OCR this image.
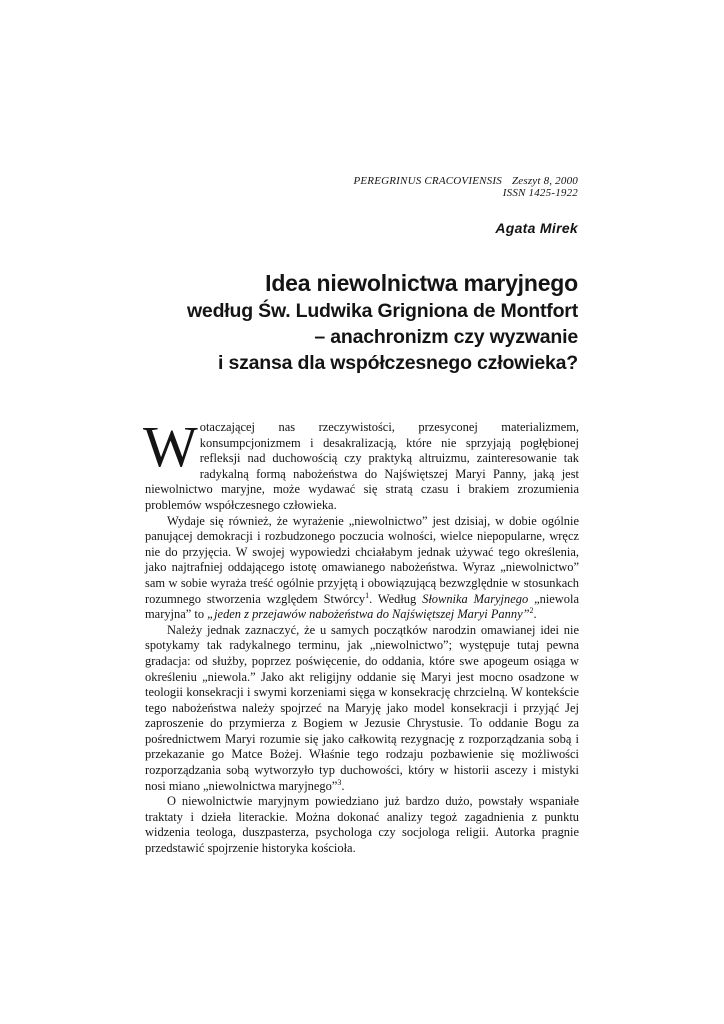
PEREGRINUS CRACOVIENSIS Zeszyt 8, 2000
ISSN 1425-1922
Agata Mirek
Idea niewolnictwa maryjnego
według Św. Ludwika Grigniona de Montfort
– anachronizm czy wyzwanie
i szansa dla współczesnego człowieka?

Wotaczającej nas rzeczywistości, przesyconej materializmem, konsumpcjonizmem i desakralizacją, które nie sprzyjają pogłębionej refleksji nad duchowością czy praktyką altruizmu, zainteresowanie tak radykalną formą nabożeństwa do Najświętszej Maryi Panny, jaką jest niewolnictwo maryjne, może wydawać się stratą czasu i brakiem zrozumienia problemów współczesnego człowieka.

Wydaje się również, że wyrażenie „niewolnictwo” jest dzisiaj, w dobie ogólnie panującej demokracji i rozbudzonego poczucia wolności, wielce niepopularne, wręcz nie do przyjęcia. W swojej wypowiedzi chciałabym jednak używać tego określenia, jako najtrafniej oddającego istotę omawianego nabożeństwa. Wyraz „niewolnictwo” sam w sobie wyraża treść ogólnie przyjętą i obowiązującą bezwzględnie w stosunkach rozumnego stworzenia względem Stwórcy$^1$. Według Słownika Maryjnego „niewola maryjna” to „jeden z przejawów nabożeństwa do Najświętszej Maryi Panny”$^2$.

Należy jednak zaznaczyć, że u samych początków narodzin omawianej idei nie spotykamy tak radykalnego terminu, jak „niewolnictwo”; występuje tutaj pewna gradacja: od służby, poprzez poświęcenie, do oddania, które swe apogeum osiąga w określeniu „niewola.” Jako akt religijny oddanie się Maryi jest mocno osadzone w teologii konsekracji i swymi korzeniami sięga w konsekrację chrzcielną. W kontekście tego nabożeństwa należy spojrzeć na Maryję jako model konsekracji i przyjąć Jej zaproszenie do przymierza z Bogiem w Jezusie Chrystusie. To oddanie Bogu za pośrednictwem Maryi rozumie się jako całkowitą rezygnację z rozporządzania sobą i przekazanie go Matce Bożej. Właśnie tego rodzaju pozbawienie się możliwości rozporządzania sobą wytworzyło typ duchowości, który w historii ascezy i mistyki nosi miano „niewolnictwa maryjnego”$^3$.

O niewolnictwie maryjnym powiedziano już bardzo dużo, powstały wspaniałe traktaty i dzieła literackie. Można dokonać analizy tegoż zagadnienia z punktu widzenia teologa, duszpasterza, psychologa czy socjologa religii. Autorka pragnie przedstawić spojrzenie historyka kościoła.
